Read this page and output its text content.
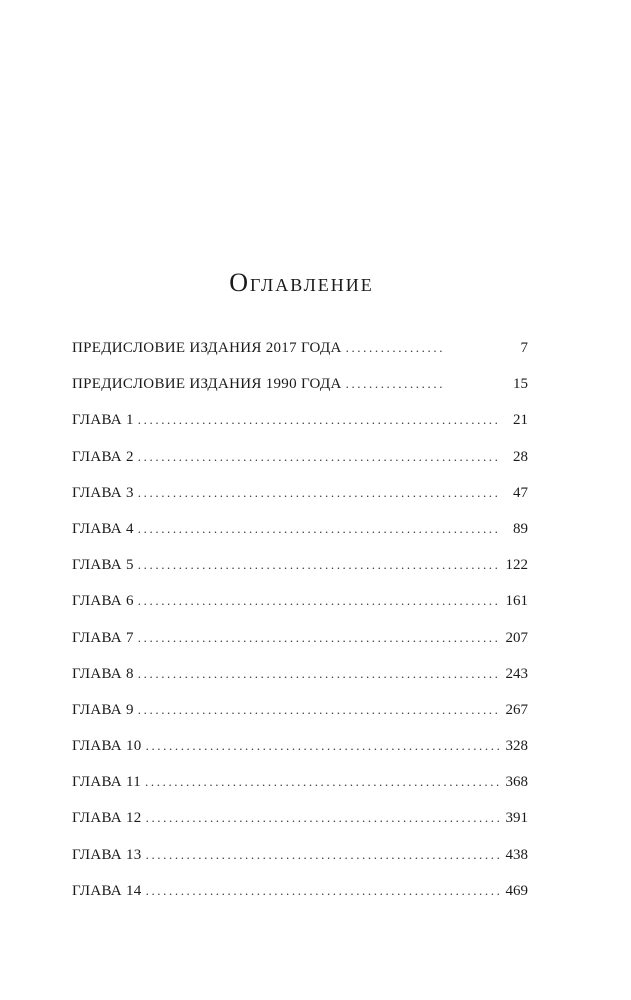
Оглавление
ПРЕДИСЛОВИЕ ИЗДАНИЯ 2017 ГОДА .....	7
ПРЕДИСЛОВИЕ ИЗДАНИЯ 1990 ГОДА .....	15
ГЛАВА 1 .....	21
ГЛАВА 2 .....	28
ГЛАВА 3 .....	47
ГЛАВА 4 .....	89
ГЛАВА 5 .....	122
ГЛАВА 6 .....	161
ГЛАВА 7 .....	207
ГЛАВА 8 .....	243
ГЛАВА 9 .....	267
ГЛАВА 10 .....	328
ГЛАВА 11 .....	368
ГЛАВА 12 .....	391
ГЛАВА 13 .....	438
ГЛАВА 14 .....	469
